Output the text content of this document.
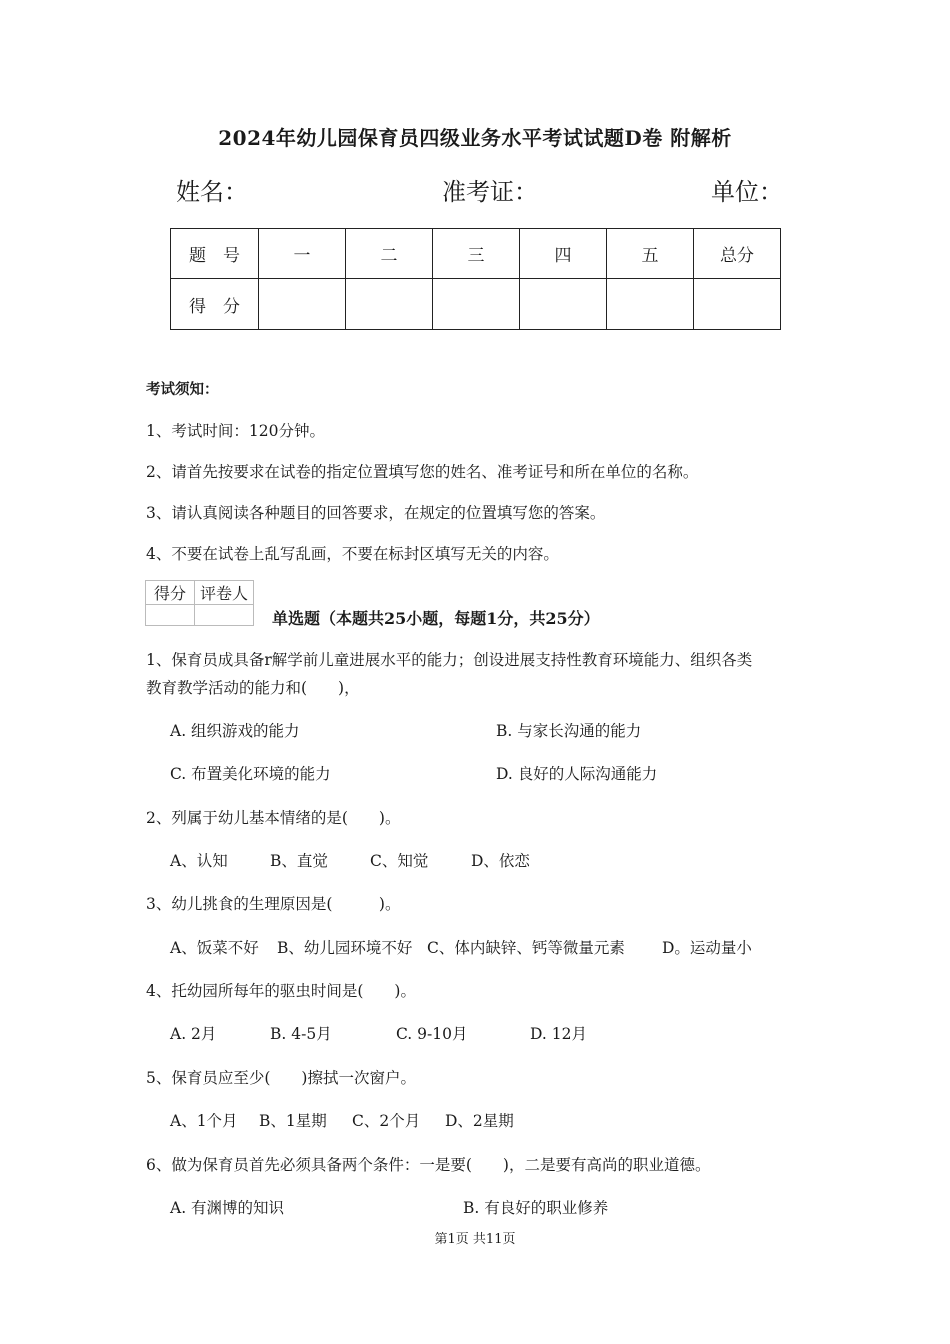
2024年幼儿园保育员四级业务水平考试试题D卷 附解析
姓名：	准考证：	单位：
题　号	一	二	三	四	五	总分
得　分						
考试须知：
1、考试时间：120分钟。
2、请首先按要求在试卷的指定位置填写您的姓名、准考证号和所在单位的名称。
3、请认真阅读各种题目的回答要求，在规定的位置填写您的答案。
4、不要在试卷上乱写乱画，不要在标封区填写无关的内容。
得分	评卷人

单选题（本题共25小题，每题1分，共25分）
1、保育员成具备r解学前儿童进展水平的能力；创设进展支持性教育环境能力、组织各类
教育教学活动的能力和(　　)，
A. 组织游戏的能力	B. 与家长沟通的能力
C. 布置美化环境的能力	D. 良好的人际沟通能力
2、列属于幼儿基本情绪的是(　　)。
A、认知	B、直觉	C、知觉	D、依恋
3、幼儿挑食的生理原因是(　　　)。
A、饭菜不好 B、幼儿园环境不好 C、体内缺锌、钙等微量元素 D。运动量小
4、托幼园所每年的驱虫时间是(　　)。
A. 2月	B. 4-5月	C. 9-10月	D. 12月
5、保育员应至少(　　)擦拭一次窗户。
A、1个月 B、1星期 C、2个月 D、2星期
6、做为保育员首先必须具备两个条件：一是要(　　)，二是要有高尚的职业道德。
A. 有渊博的知识	B. 有良好的职业修养
第1页 共11页
